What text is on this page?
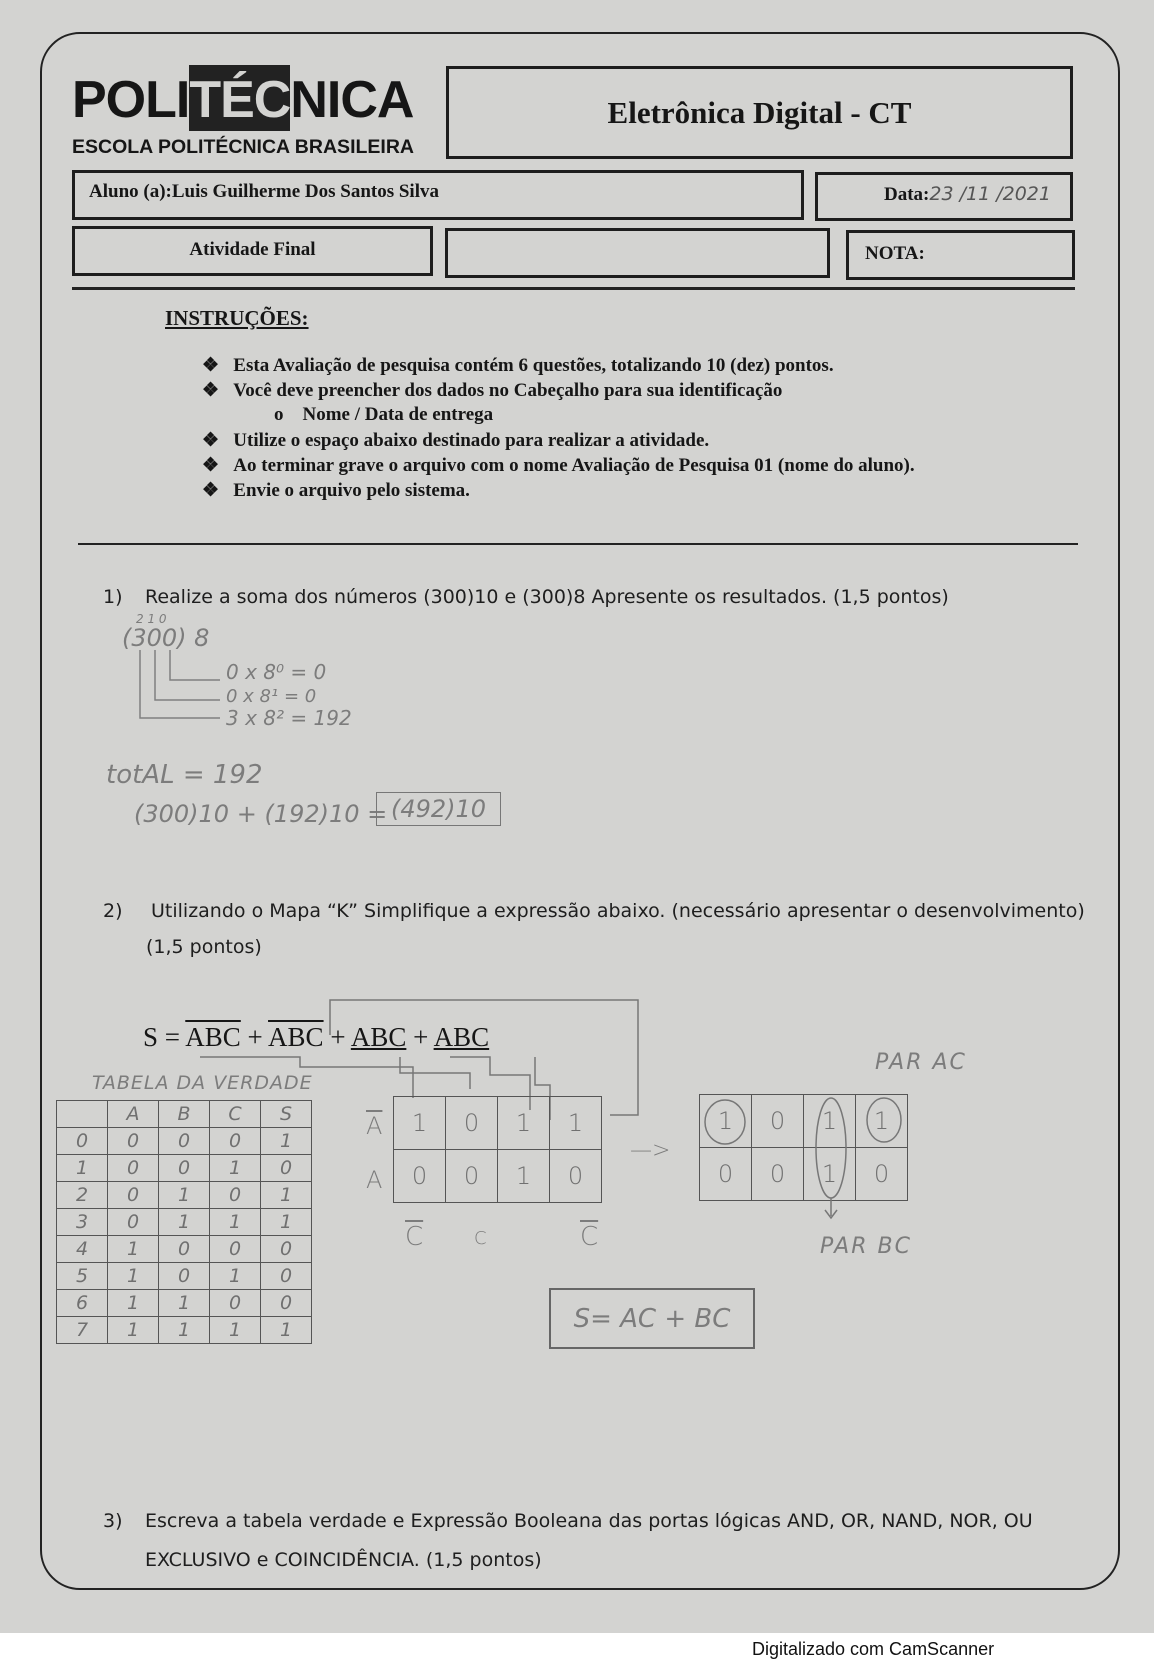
POLITÉCNICA
ESCOLA POLITÉCNICA BRASILEIRA
Eletrônica Digital - CT
Aluno (a):Luis Guilherme Dos Santos Silva	Data:23 /11 /2021
Atividade Final	NOTA:
INSTRUÇÕES:
❖   Esta Avaliação de pesquisa contém 6 questões, totalizando 10 (dez) pontos.
❖   Você deve preencher dos dados no Cabeçalho para sua identificação
o    Nome / Data de entrega
❖   Utilize o espaço abaixo destinado para realizar a atividade.
❖   Ao terminar grave o arquivo com o nome Avaliação de Pesquisa 01 (nome do aluno).
❖   Envie o arquivo pelo sistema.
1) Realize a soma dos números (300)10 e (300)8 Apresente os resultados. (1,5 pontos)
2 1 0
(300) 8
0 x 8⁰ = 0
0 x 8¹ = 0
3 x 8² = 192
totAL = 192
(300)10 + (192)10 = (492)10
2) Utilizando o Mapa “K” Simplifique a expressão abaixo. (necessário apresentar o desenvolvimento)
(1,5 pontos)
$S = \overline{ABC} + \overline{ABC}$ + ABC + ABC
TABELA DA VERDADE
	A	B	C	S
0	0	0	0	1
1	0	0	1	0
2	0	1	0	1
3	0	1	1	1
4	1	0	0	0
5	1	0	1	0
6	1	1	0	0
7	1	1	1	1
$\overline{A}$
A
1	0	1	1
0	0	1	0
$\overline{C}$	C	$\overline{C}$
—>
PAR AC
1	0	1	1
0	0	1	0
PAR BC
S= AC + BC
3) Escreva a tabela verdade e Expressão Booleana das portas lógicas AND, OR, NAND, NOR, OU
EXCLUSIVO e COINCIDÊNCIA. (1,5 pontos)
Digitalizado com CamScanner
